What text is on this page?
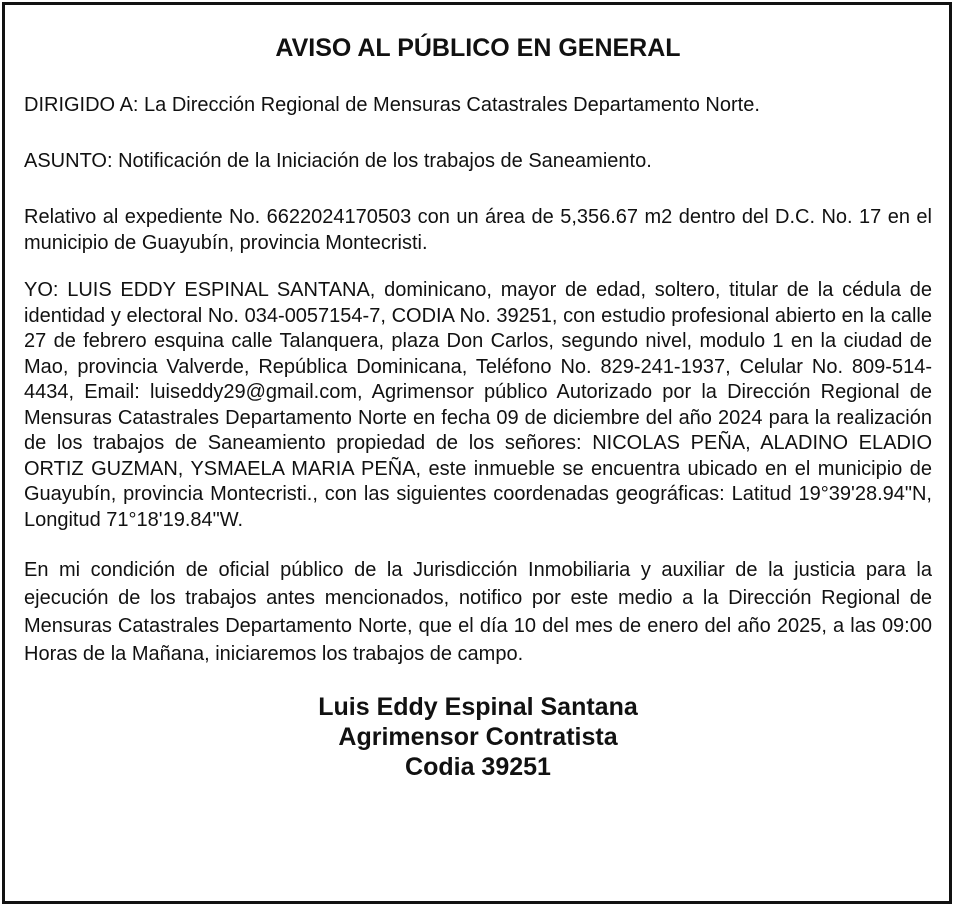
AVISO AL PÚBLICO EN GENERAL

DIRIGIDO A: La Dirección Regional de Mensuras Catastrales Departamento Norte.

ASUNTO: Notificación de la Iniciación de los trabajos de Saneamiento.

Relativo al expediente No. 6622024170503 con un área de 5,356.67 m2 dentro del D.C. No. 17 en el municipio de Guayubín, provincia Montecristi.

YO: LUIS EDDY ESPINAL SANTANA, dominicano, mayor de edad, soltero, titular de la cédula de identidad y electoral No. 034-0057154-7, CODIA No. 39251, con estudio profesional abierto en la calle 27 de febrero esquina calle Talanquera, plaza Don Carlos, segundo nivel, modulo 1 en la ciudad de Mao, provincia Valverde, República Dominicana, Teléfono No. 829-241-1937, Celular No. 809-514-4434, Email: luiseddy29@gmail.com, Agrimensor público Autorizado por la Dirección Regional de Mensuras Catastrales Departamento Norte en fecha 09 de diciembre del año 2024 para la realización de los trabajos de Saneamiento propiedad de los señores: NICOLAS PEÑA, ALADINO ELADIO ORTIZ GUZMAN, YSMAELA MARIA PEÑA, este inmueble se encuentra ubicado en el municipio de Guayubín, provincia Montecristi., con las siguientes coordenadas geográficas: Latitud 19°39'28.94"N, Longitud 71°18'19.84"W.

En mi condición de oficial público de la Jurisdicción Inmobiliaria y auxiliar de la justicia para la ejecución de los trabajos antes mencionados, notifico por este medio a la Dirección Regional de Mensuras Catastrales Departamento Norte, que el día 10 del mes de enero del año 2025, a las 09:00 Horas de la Mañana, iniciaremos los trabajos de campo.

Luis Eddy Espinal Santana
Agrimensor Contratista
Codia 39251
